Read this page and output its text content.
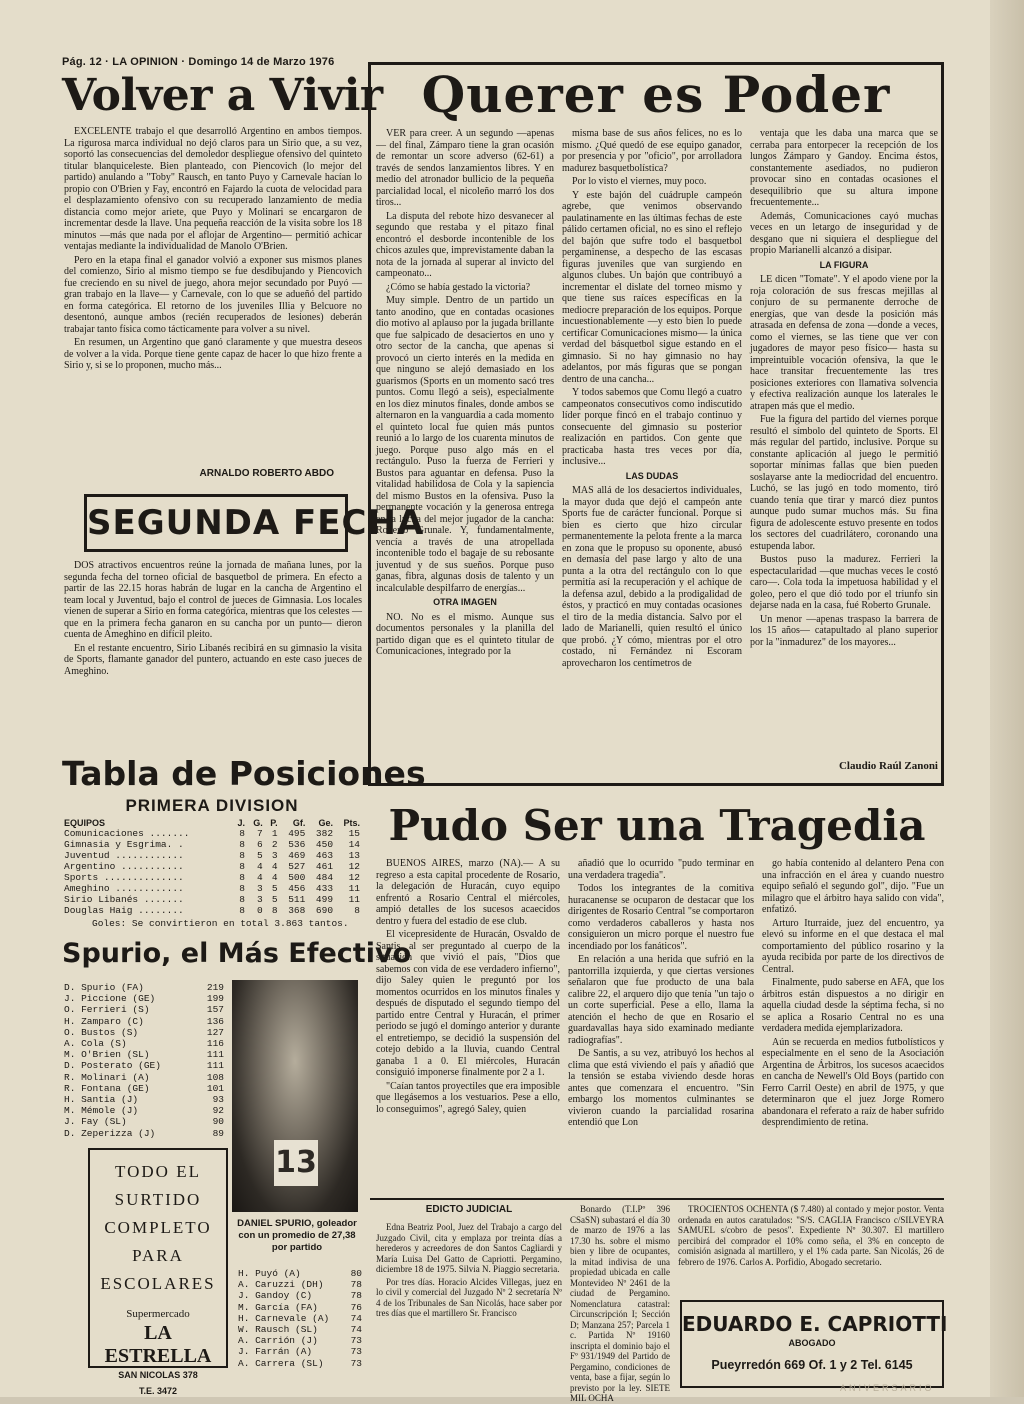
Pág. 12 · LA OPINION · Domingo 14 de Marzo 1976
Volver a Vivir

EXCELENTE trabajo el que desarrolló Argentino en ambos tiempos. La rigurosa marca individual no dejó claros para un Sirio que, a su vez, soportó las consecuencias del demoledor despliegue ofensivo del quinteto titular blanquiceleste. Bien planteado, con Piencovich (lo mejor del partido) anulando a "Toby" Rausch, en tanto Puyo y Carnevale hacían lo propio con O'Brien y Fay, encontró en Fajardo la cuota de velocidad para el desplazamiento ofensivo con su recuperado lanzamiento de media distancia como mejor ariete, que Puyo y Molinari se encargaron de incrementar desde la llave. Una pequeña reacción de la visita sobre los 18 minutos —más que nada por el aflojar de Argentino— permitió achicar ventajas mediante la individualidad de Manolo O'Brien.

Pero en la etapa final el ganador volvió a exponer sus mismos planes del comienzo, Sirio al mismo tiempo se fue desdibujando y Piencovich fue creciendo en su nivel de juego, ahora mejor secundado por Puyó —gran trabajo en la llave— y Carnevale, con lo que se adueñó del partido en forma categórica. El retorno de los juveniles Illia y Belcuore no desentonó, aunque ambos (recién recuperados de lesiones) deberán trabajar tanto física como tácticamente para volver a su nivel.

En resumen, un Argentino que ganó claramente y que muestra deseos de volver a la vida. Porque tiene gente capaz de hacer lo que hizo frente a Sirio y, si se lo proponen, mucho más...

ARNALDO ROBERTO ABDO
SEGUNDA FECHA

DOS atractivos encuentros reúne la jornada de mañana lunes, por la segunda fecha del torneo oficial de basquetbol de primera. En efecto a partir de las 22.15 horas habrán de lugar en la cancha de Argentino el team local y Juventud, bajo el control de jueces de Gimnasia. Los locales vienen de superar a Sirio en forma categórica, mientras que los celestes —que en la primera fecha ganaron en su cancha por un punto— dieron cuenta de Ameghino en difícil pleito.

En el restante encuentro, Sirio Libanés recibirá en su gimnasio la visita de Sports, flamante ganador del puntero, actuando en este caso jueces de Ameghino.

Tabla de Posiciones
PRIMERA DIVISION
EQUIPOS	J.	G.	P.	Gf.	Ge.	Pts.
Comunicaciones .......	8	7	1	495	382	15
Gimnasia y Esgrima. .	8	6	2	536	450	14
Juventud ............	8	5	3	469	463	13
Argentino ...........	8	4	4	527	461	12
Sports ..............	8	4	4	500	484	12
Ameghino ............	8	3	5	456	433	11
Sirio Libanés .......	8	3	5	511	499	11
Douglas Haig ........	8	0	8	368	690	8
Goles: Se convirtieron en total 3.863 tantos.
Spurio, el Más Efectivo
D. Spurio (FA)	219
J. Piccione (GE)	199
O. Ferrieri (S)	157
H. Zamparo (C)	136
O. Bustos (S)	127
A. Cola (S)	116
M. O'Brien (SL)	111
D. Posterato (GE)	111
R. Molinari (A)	108
R. Fontana (GE)	101
H. Santia (J)	93
M. Mémole (J)	92
J. Fay (SL)	90
D. Zeperizza (J)	89
13
DANIEL SPURIO, goleador con un promedio de 27,38 por partido
H. Puyó (A)	80
A. Caruzzi (DH)	78
J. Gandoy (C)	78
M. García (FA)	76
H. Carnevale (A) 74
W. Rausch (SL)	74
A. Carrión (J)	73
J. Farrán (A)	73
A. Carrera (SL)	73
TODO EL
SURTIDO
COMPLETO
PARA
ESCOLARES
Supermercado
LA ESTRELLA
SAN NICOLAS 378
T.E. 3472
Querer es Poder

VER para creer. A un segundo —apenas— del final, Zámparo tiene la gran ocasión de remontar un score adverso (62-61) a través de sendos lanzamientos libres. Y en medio del atronador bullicio de la pequeña parcialidad local, el nicoleño marró los dos tiros...

La disputa del rebote hizo desvanecer al segundo que restaba y el pitazo final encontró el desborde incontenible de los chicos azules que, imprevistamente daban la nota de la jornada al superar al invicto del campeonato...

¿Cómo se había gestado la victoria?

Muy simple. Dentro de un partido un tanto anodino, que en contadas ocasiones dio motivo al aplauso por la jugada brillante que fue salpicado de desaciertos en uno y otro sector de la cancha, que apenas si provocó un cierto interés en la medida en que ninguno se alejó demasiado en los guarismos (Sports en un momento sacó tres puntos. Comu llegó a seis), especialmente en los diez minutos finales, donde ambos se alternaron en la vanguardia a cada momento el quinteto local fue quien más puntos reunió a lo largo de los cuarenta minutos de juego. Porque puso algo más en el rectángulo. Puso la fuerza de Ferrieri y Bustos para aguantar en defensa. Puso la vitalidad habilidosa de Cola y la sapiencia del mismo Bustos en la ofensiva. Puso la permanente vocación y la generosa entrega en la lucha del mejor jugador de la cancha: Roberto Grunale. Y, fundamentalmente, vencía a través de una atropellada incontenible todo el bagaje de su rebosante juventud y de sus sueños. Porque puso ganas, fibra, algunas dosis de talento y un incalculable despilfarro de energías...

OTRA IMAGEN

NO. No es el mismo. Aunque sus documentos personales y la planilla del partido digan que es el quinteto titular de Comunicaciones, integrado por la

misma base de sus años felices, no es lo mismo. ¿Qué quedó de ese equipo ganador, por presencia y por "oficio", por arrolladora madurez basquetbolística?

Por lo visto el viernes, muy poco.

Y este bajón del cuádruple campeón agrebe, que venimos observando paulatinamente en las últimas fechas de este pálido certamen oficial, no es sino el reflejo del bajón que sufre todo el basquetbol pergaminense, a despecho de las escasas figuras juveniles que van surgiendo en algunos clubes. Un bajón que contribuyó a incrementar el dislate del torneo mismo y que tiene sus raíces específicas en la mediocre preparación de los equipos. Porque incuestionablemente —y esto bien lo puede certificar Comunicaciones mismo— la única verdad del básquetbol sigue estando en el gimnasio. Si no hay gimnasio no hay adelantos, por más figuras que se pongan dentro de una cancha...

Y todos sabemos que Comu llegó a cuatro campeonatos consecutivos como indiscutido líder porque fincó en el trabajo continuo y consecuente del gimnasio su posterior realización en partidos. Con gente que practicaba hasta tres veces por día, inclusive...

LAS DUDAS

MAS allá de los desaciertos individuales, la mayor duda que dejó el campeón ante Sports fue de carácter funcional. Porque si bien es cierto que hizo circular permanentemente la pelota frente a la marca en zona que le propuso su oponente, abusó en demasía del pase largo y alto de una punta a la otra del rectángulo con lo que permitía así la recuperación y el achique de la defensa azul, debido a la prodigalidad de éstos, y practicó en muy contadas ocasiones el tiro de la media distancia. Salvo por el lado de Marianelli, quien resultó el único que probó. ¿Y cómo, mientras por el otro costado, ni Fernández ni Escoram aprovecharon los centímetros de

ventaja que les daba una marca que se cerraba para entorpecer la recepción de los lungos Zámparo y Gandoy. Encima éstos, constantemente asediados, no pudieron provocar sino en contadas ocasiones el desequilibrio que su altura impone frecuentemente...

Además, Comunicaciones cayó muchas veces en un letargo de inseguridad y de desgano que ni siquiera el despliegue del propio Marianelli alcanzó a disipar.

LA FIGURA

LE dicen "Tomate". Y el apodo viene por la roja coloración de sus frescas mejillas al conjuro de su permanente derroche de energías, que van desde la posición más atrasada en defensa de zona —donde a veces, como el viernes, se las tiene que ver con jugadores de mayor peso físico— hasta su impreintuible vocación ofensiva, la que le hace transitar frecuentemente las tres posiciones exteriores con llamativa solvencia y efectiva realización aunque los laterales le atrapen más que el medio.

Fue la figura del partido del viernes porque resultó el símbolo del quinteto de Sports. El más regular del partido, inclusive. Porque su constante aplicación al juego le permitió soportar mínimas fallas que bien pueden soslayarse ante la mediocridad del encuentro. Luchó, se las jugó en todo momento, tiró cuando tenía que tirar y marcó diez puntos aunque pudo sumar muchos más. Su fina figura de adolescente estuvo presente en todos los sectores del cuadrilátero, coronando una estupenda labor.

Bustos puso la madurez. Ferrieri la espectacularidad —que muchas veces le costó caro—. Cola toda la impetuosa habilidad y el goleo, pero el que dió todo por el triunfo sin dejarse nada en la casa, fué Roberto Grunale.

Un menor —apenas traspaso la barrera de los 15 años— catapultado al plano superior por la "inmadurez" de los mayores...

Claudio Raúl Zanoni
Pudo Ser una Tragedia

BUENOS AIRES, marzo (NA).— A su regreso a esta capital procedente de Rosario, la delegación de Huracán, cuyo equipo enfrentó a Rosario Central el miércoles, ampió detalles de los sucesos acaecidos dentro y fuera del estadio de ese club.

El vicepresidente de Huracán, Osvaldo de Santis, al ser preguntado al cuerpo de la situación que vivió el país, "Dios que sabemos con vida de ese verdadero infierno", dijo Saley quien le preguntó por los momentos ocurridos en los minutos finales y después de disputado el segundo tiempo del partido entre Central y Huracán, el primer periodo se jugó el domingo anterior y durante el entretiempo, se decidió la suspensión del cotejo debido a la lluvia, cuando Central ganaba 1 a 0. El miércoles, Huracán consiguió imponerse finalmente por 2 a 1.

"Caían tantos proyectiles que era imposible que llegásemos a los vestuarios. Pese a ello, lo conseguimos", agregó Saley, quien

añadió que lo ocurrido "pudo terminar en una verdadera tragedia".

Todos los integrantes de la comitiva huracanense se ocuparon de destacar que los dirigentes de Rosario Central "se comportaron como verdaderos caballeros y hasta nos consiguieron un micro porque el nuestro fue incendiado por los fanáticos".

En relación a una herida que sufrió en la pantorrilla izquierda, y que ciertas versiones señalaron que fue producto de una bala calibre 22, el arquero dijo que tenía "un tajo o un corte superficial. Pese a ello, llama la atención el hecho de que en Rosario el guardavallas haya sido examinado mediante radiografías".

De Santis, a su vez, atribuyó los hechos al clima que está viviendo el país y añadió que la tensión se estaba viviendo desde horas antes que comenzara el encuentro. "Sin embargo los momentos culminantes se vivieron cuando la parcialidad rosarina entendió que Lon

go había contenido al delantero Pena con una infracción en el área y cuando nuestro equipo señaló el segundo gol", dijo. "Fue un milagro que el árbitro haya salido con vida", enfatizó.

Arturo Iturraide, juez del encuentro, ya elevó su informe en el que destaca el mal comportamiento del público rosarino y la ayuda recibida por parte de los directivos de Central.

Finalmente, pudo saberse en AFA, que los árbitros están dispuestos a no dirigir en aquella ciudad desde la séptima fecha, si no se aplica a Rosario Central no es una verdadera medida ejemplarizadora.

Aún se recuerda en medios futbolísticos y especialmente en el seno de la Asociación Argentina de Árbitros, los sucesos acaecidos en cancha de Newell's Old Boys (partido con Ferro Carril Oeste) en abril de 1975, y que determinaron que el juez Jorge Romero abandonara el referato a raíz de haber sufrido desprendimiento de retina.

EDICTO JUDICIAL

Edna Beatriz Pool, Juez del Trabajo a cargo del Juzgado Civil, cita y emplaza por treinta días a herederos y acreedores de don Santos Cagliardi y María Luisa Del Gatto de Capriotti. Pergamino, diciembre 18 de 1975. Silvia N. Piaggio secretaria.

Por tres días. Horacio Alcides Villegas, juez en lo civil y comercial del Juzgado Nº 2 secretaría Nº 4 de los Tribunales de San Nicolás, hace saber por tres días que el martillero Sr. Francisco

Bonardo (T.I.Pº 396 CSaSN) subastará el día 30 de marzo de 1976 a las 17.30 hs. sobre el mismo bien y libre de ocupantes, la mitad indivisa de una propiedad ubicada en calle Montevideo Nº 2461 de la ciudad de Pergamino. Nomenclatura catastral: Circunscripción I; Sección D; Manzana 257; Parcela 1 c. Partida Nº 19160 inscripta el dominio bajo el Fº 931/1949 del Partido de Pergamino, condiciones de venta, base a fijar, según lo previsto por la ley. SIETE MIL OCHA

TROCIENTOS OCHENTA ($ 7.480) al contado y mejor postor. Venta ordenada en autos caratulados: "S/S. CAGLIA Francisco c/SILVEYRA SAMUEL s/cobro de pesos". Expediente Nº 30.307. El martillero percibirá del comprador el 10% como seña, el 3% en concepto de comisión asignada al martillero, y el 1% cada parte. San Nicolás, 26 de febrero de 1976. Carlos A. Porfidio, Abogado secretario.

EDUARDO E. CAPRIOTTI
ABOGADO
Pueyrredón 669 Of. 1 y 2 Tel. 6145
ANIVERSARIO
